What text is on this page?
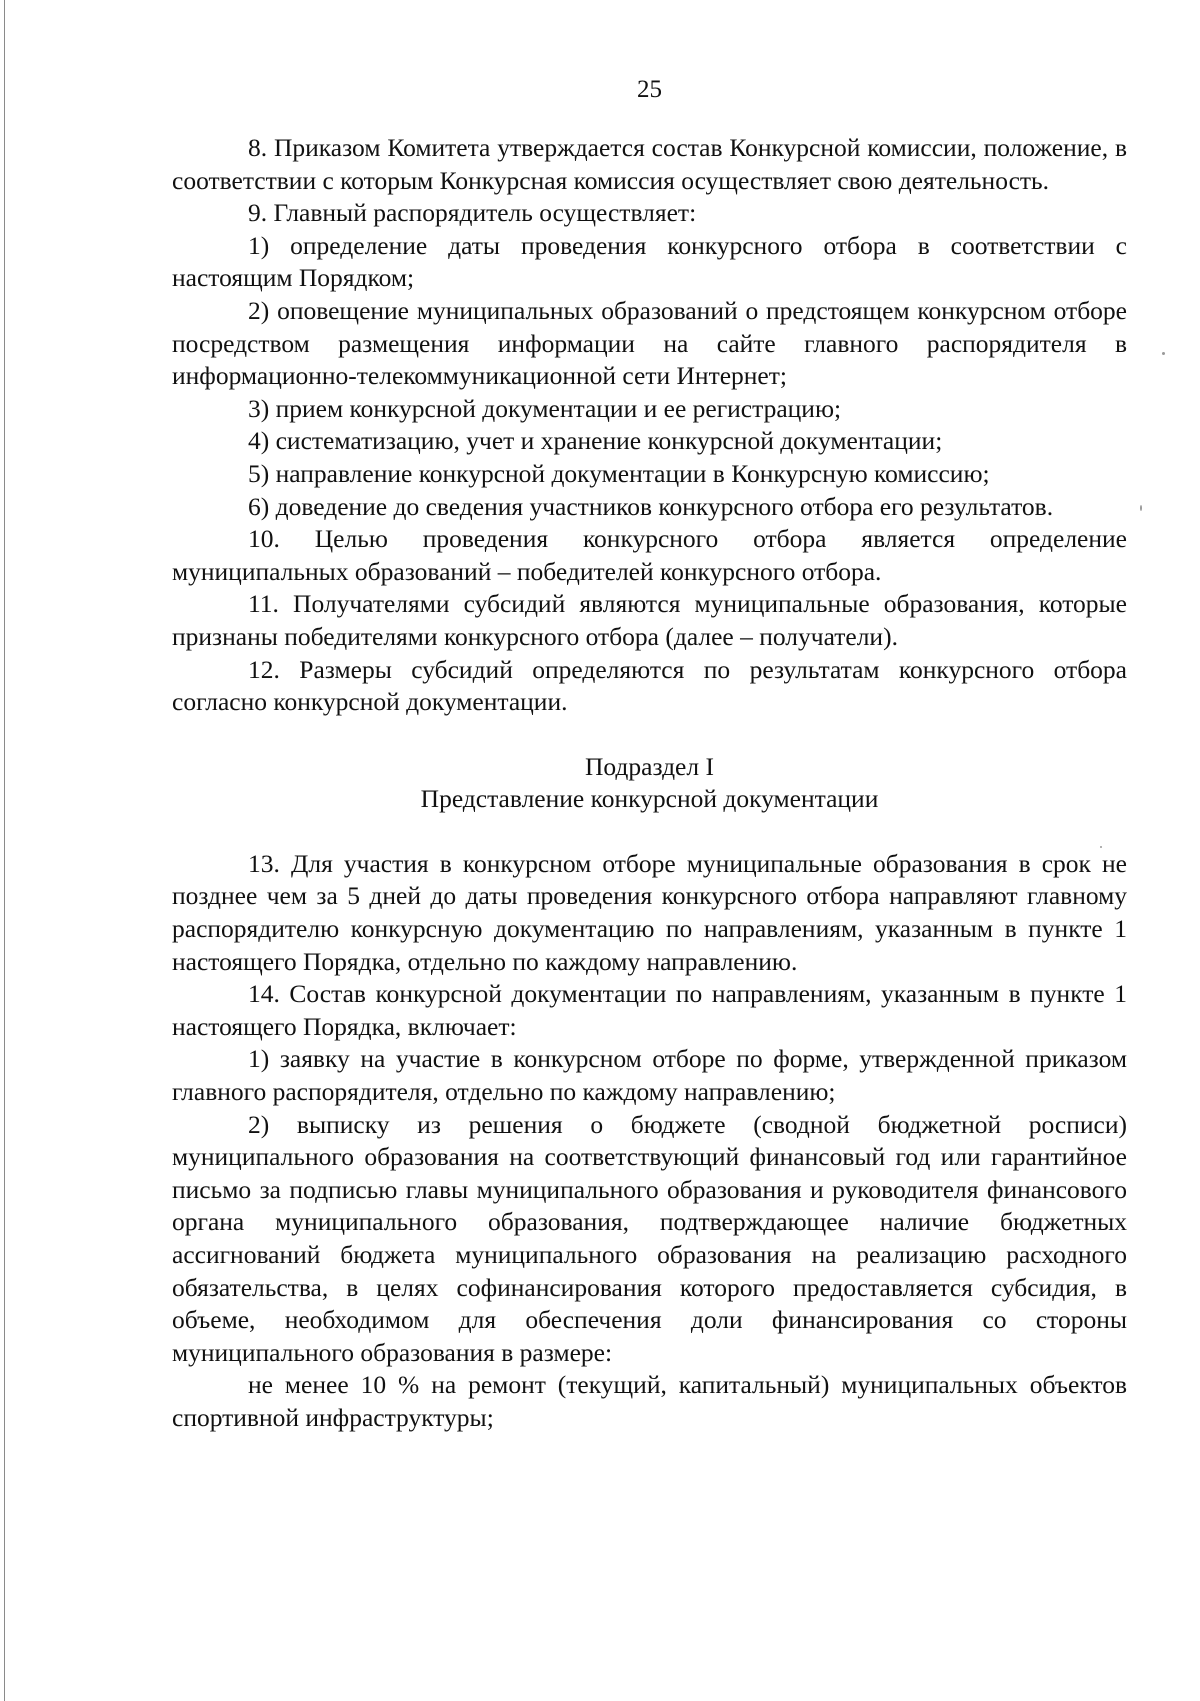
25

8. Приказом Комитета утверждается состав Конкурсной комиссии, положение, в соответствии с которым Конкурсная комиссия осуществляет свою деятельность.

9. Главный распорядитель осуществляет:

1) определение даты проведения конкурсного отбора в соответствии с настоящим Порядком;

2) оповещение муниципальных образований о предстоящем конкурсном отборе посредством размещения информации на сайте главного распорядителя в информационно-телекоммуникационной сети Интернет;

3) прием конкурсной документации и ее регистрацию;

4) систематизацию, учет и хранение конкурсной документации;

5) направление конкурсной документации в Конкурсную комиссию;

6) доведение до сведения участников конкурсного отбора его результатов.

10. Целью проведения конкурсного отбора является определение муниципальных образований – победителей конкурсного отбора.

11. Получателями субсидий являются муниципальные образования, которые признаны победителями конкурсного отбора (далее – получатели).

12. Размеры субсидий определяются по результатам конкурсного отбора согласно конкурсной документации.

Подраздел I

Представление конкурсной документации

13. Для участия в конкурсном отборе муниципальные образования в срок не позднее чем за 5 дней до даты проведения конкурсного отбора направляют главному распорядителю конкурсную документацию по направлениям, указанным в пункте 1 настоящего Порядка, отдельно по каждому направлению.

14. Состав конкурсной документации по направлениям, указанным в пункте 1 настоящего Порядка, включает:

1) заявку на участие в конкурсном отборе по форме, утвержденной приказом главного распорядителя, отдельно по каждому направлению;

2) выписку из решения о бюджете (сводной бюджетной росписи) муниципального образования на соответствующий финансовый год или гарантийное письмо за подписью главы муниципального образования и руководителя финансового органа муниципального образования, подтверждающее наличие бюджетных ассигнований бюджета муниципального образования на реализацию расходного обязательства, в целях софинансирования которого предоставляется субсидия, в объеме, необходимом для обеспечения доли финансирования со стороны муниципального образования в размере:

не менее 10 % на ремонт (текущий, капитальный) муниципальных объектов спортивной инфраструктуры;
